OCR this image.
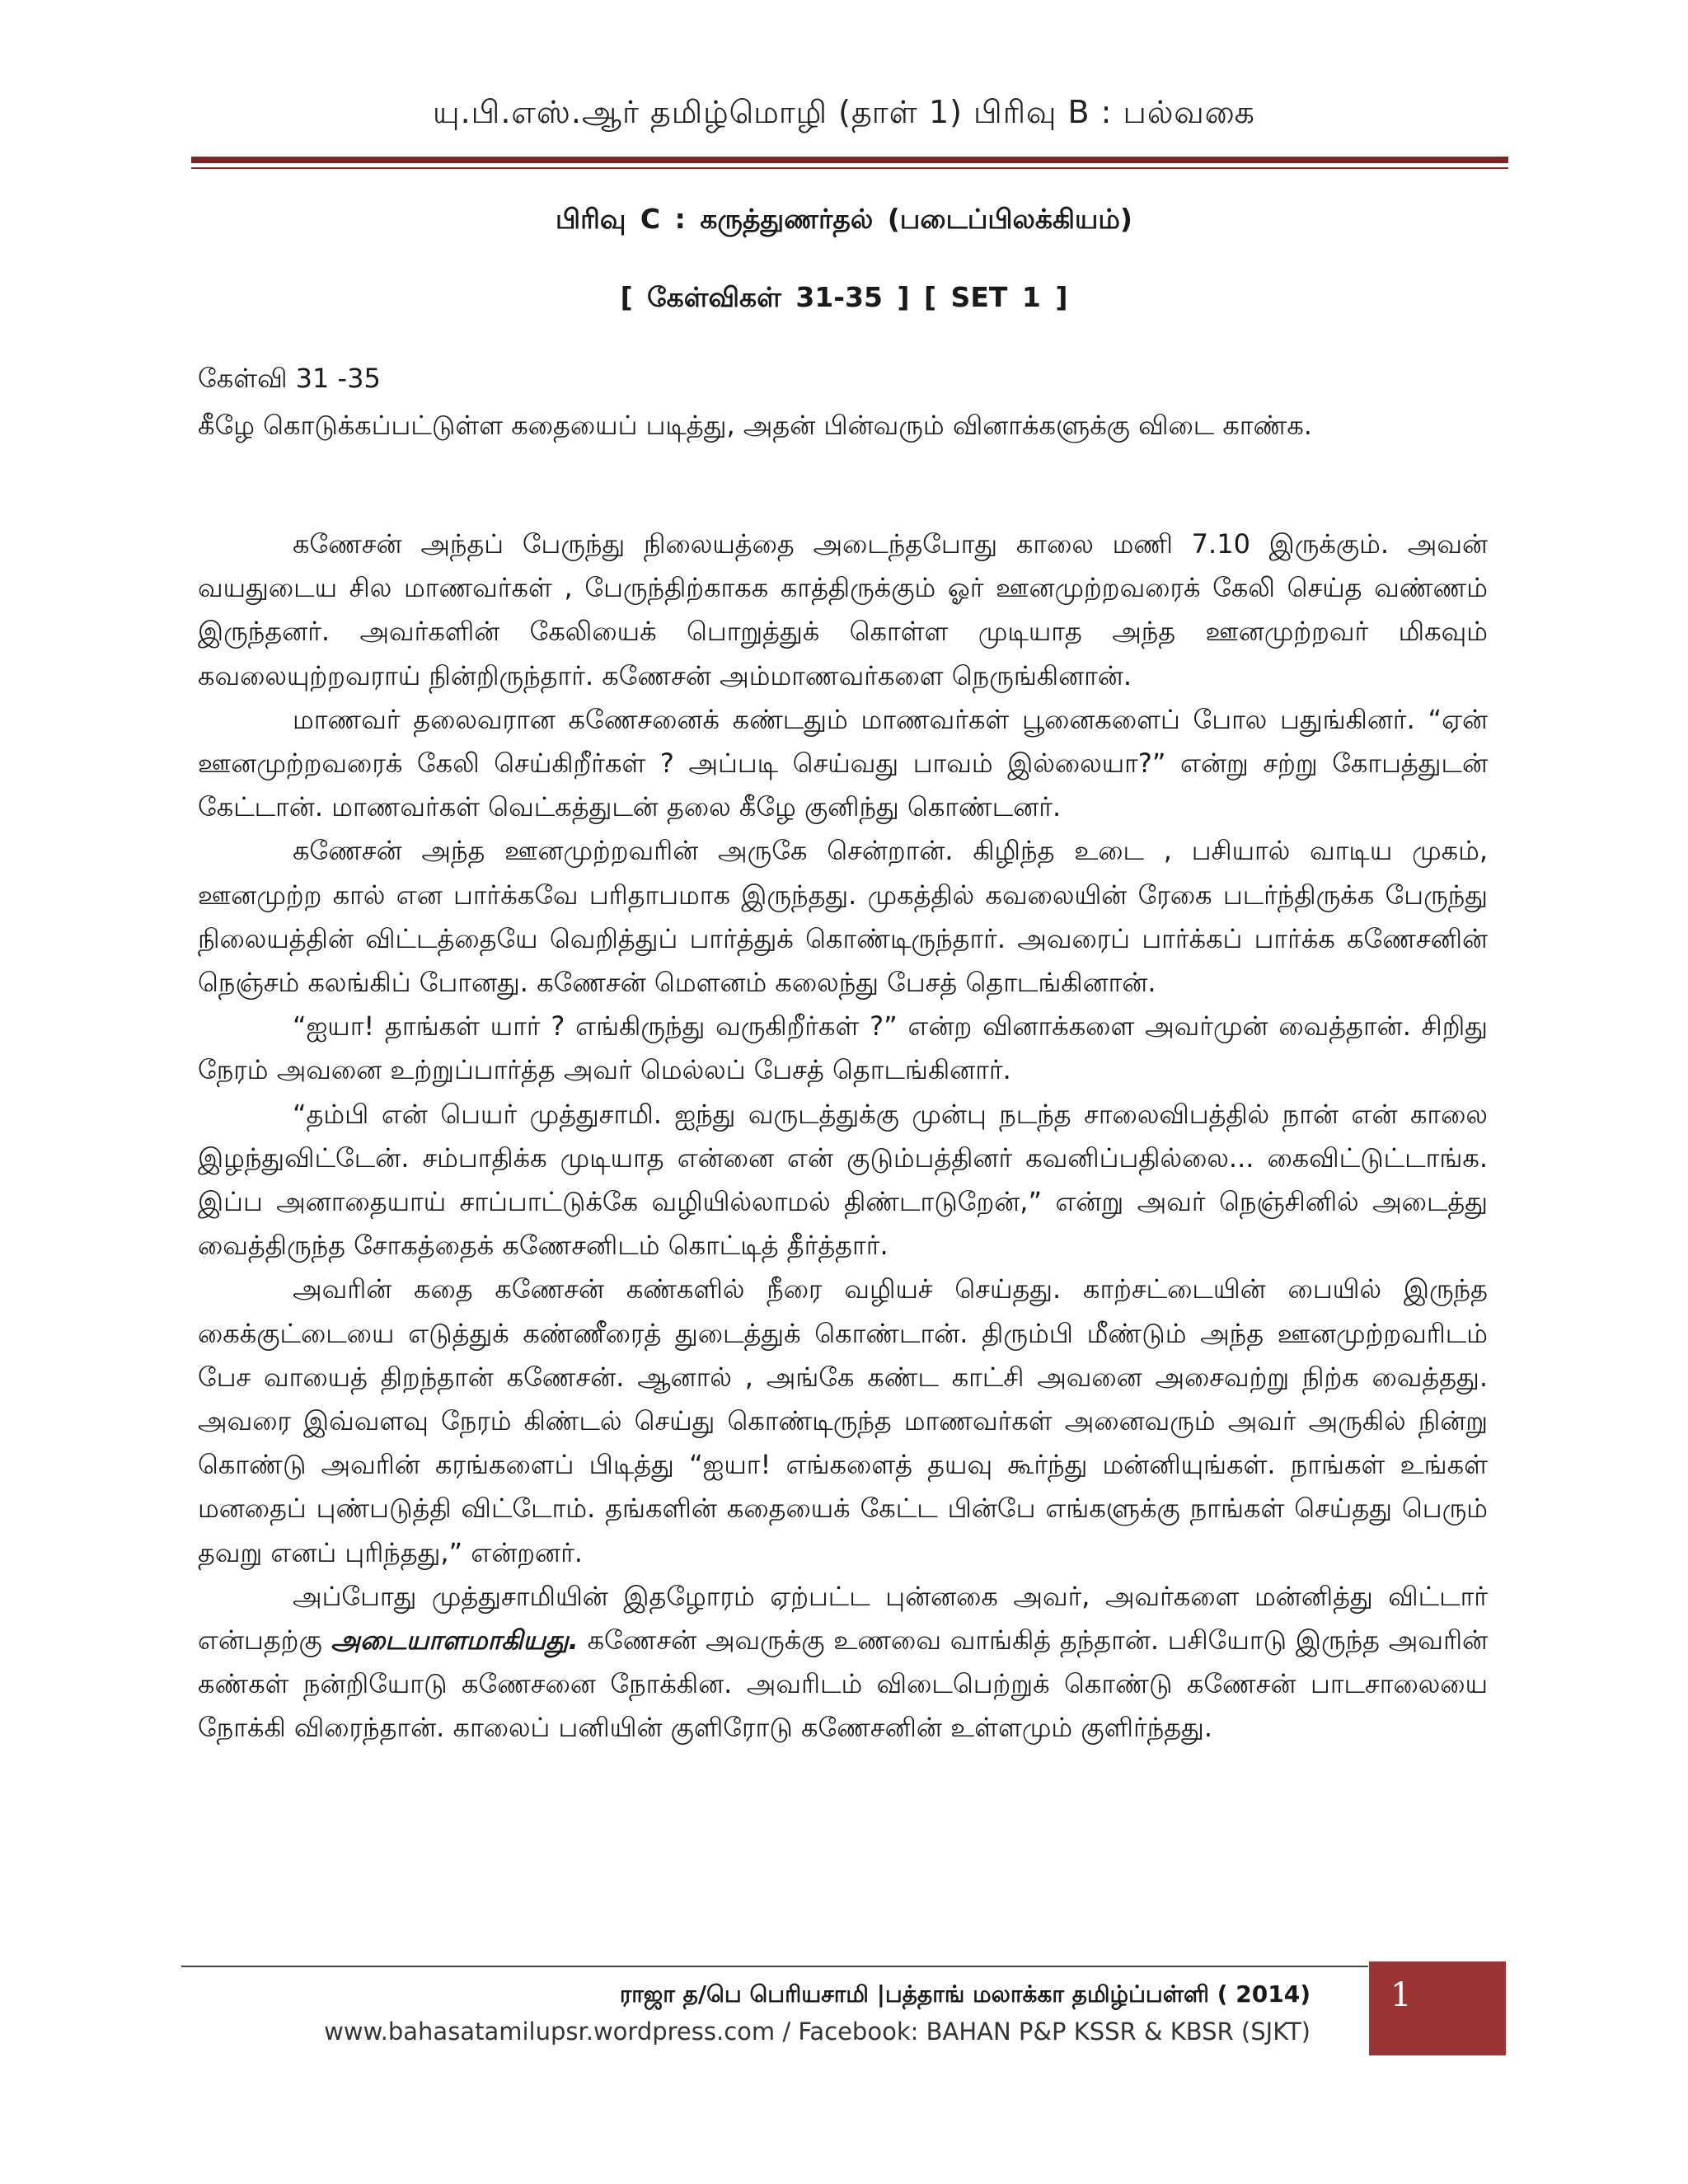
யு.பி.எஸ்.ஆர் தமிழ்மொழி (தாள் 1) பிரிவு B : பல்வகை
பிரிவு C : கருத்துணர்தல் (படைப்பிலக்கியம்)
[ கேள்விகள் 31-35 ] [ SET 1 ]
கேள்வி 31 -35
கீழே கொடுக்கப்பட்டுள்ள கதையைப் படித்து, அதன் பின்வரும் வினாக்களுக்கு விடை காண்க.

கணேசன் அந்தப் பேருந்து நிலையத்தை அடைந்தபோது காலை மணி 7.10 இருக்கும். அவன் வயதுடைய சில மாணவர்கள் , பேருந்திற்காகக காத்திருக்கும் ஓர் ஊனமுற்றவரைக் கேலி செய்த வண்ணம் இருந்தனர். அவர்களின் கேலியைக் பொறுத்துக் கொள்ள முடியாத அந்த ஊனமுற்றவர் மிகவும் கவலையுற்றவராய் நின்றிருந்தார். கணேசன் அம்மாணவர்களை நெருங்கினான்.

மாணவர் தலைவரான கணேசனைக் கண்டதும் மாணவர்கள் பூனைகளைப் போல பதுங்கினர். “ஏன் ஊனமுற்றவரைக் கேலி செய்கிறீர்கள் ? அப்படி செய்வது பாவம் இல்லையா?” என்று சற்று கோபத்துடன் கேட்டான். மாணவர்கள் வெட்கத்துடன் தலை கீழே குனிந்து கொண்டனர்.

கணேசன் அந்த ஊனமுற்றவரின் அருகே சென்றான். கிழிந்த உடை , பசியால் வாடிய முகம், ஊனமுற்ற கால் என பார்க்கவே பரிதாபமாக இருந்தது. முகத்தில் கவலையின் ரேகை படர்ந்திருக்க பேருந்து நிலையத்தின் விட்டத்தையே வெறித்துப் பார்த்துக் கொண்டிருந்தார். அவரைப் பார்க்கப் பார்க்க கணேசனின் நெஞ்சம் கலங்கிப் போனது. கணேசன் மௌனம் கலைந்து பேசத் தொடங்கினான்.

“ஐயா! தாங்கள் யார் ? எங்கிருந்து வருகிறீர்கள் ?” என்ற வினாக்களை அவர்முன் வைத்தான். சிறிது நேரம் அவனை உற்றுப்பார்த்த அவர் மெல்லப் பேசத் தொடங்கினார்.

“தம்பி என் பெயர் முத்துசாமி. ஐந்து வருடத்துக்கு முன்பு நடந்த சாலைவிபத்தில் நான் என் காலை இழந்துவிட்டேன். சம்பாதிக்க முடியாத என்னை என் குடும்பத்தினர் கவனிப்பதில்லை... கைவிட்டுட்டாங்க. இப்ப அனாதையாய் சாப்பாட்டுக்கே வழியில்லாமல் திண்டாடுறேன்,” என்று அவர் நெஞ்சினில் அடைத்து வைத்திருந்த சோகத்தைக் கணேசனிடம் கொட்டித் தீர்த்தார்.

அவரின் கதை கணேசன் கண்களில் நீரை வழியச் செய்தது. காற்சட்டையின் பையில் இருந்த கைக்குட்டையை எடுத்துக் கண்ணீரைத் துடைத்துக் கொண்டான். திரும்பி மீண்டும் அந்த ஊனமுற்றவரிடம் பேச வாயைத் திறந்தான் கணேசன். ஆனால் , அங்கே கண்ட காட்சி அவனை அசைவற்று நிற்க வைத்தது. அவரை இவ்வளவு நேரம் கிண்டல் செய்து கொண்டிருந்த மாணவர்கள் அனைவரும் அவர் அருகில் நின்று கொண்டு அவரின் கரங்களைப் பிடித்து “ஐயா! எங்களைத் தயவு கூர்ந்து மன்னியுங்கள். நாங்கள் உங்கள் மனதைப் புண்படுத்தி விட்டோம். தங்களின் கதையைக் கேட்ட பின்பே எங்களுக்கு நாங்கள் செய்தது பெரும் தவறு எனப் புரிந்தது,” என்றனர்.

அப்போது முத்துசாமியின் இதழோரம் ஏற்பட்ட புன்னகை அவர், அவர்களை மன்னித்து விட்டார் என்பதற்கு அடையாளமாகியது. கணேசன் அவருக்கு உணவை வாங்கித் தந்தான். பசியோடு இருந்த அவரின் கண்கள் நன்றியோடு கணேசனை நோக்கின. அவரிடம் விடைபெற்றுக் கொண்டு கணேசன் பாடசாலையை நோக்கி விரைந்தான். காலைப் பனியின் குளிரோடு கணேசனின் உள்ளமும் குளிர்ந்தது.

ராஜா த/பெ பெரியசாமி |பத்தாங் மலாக்கா தமிழ்ப்பள்ளி ( 2014)
www.bahasatamilupsr.wordpress.com / Facebook: BAHAN P&P KSSR & KBSR (SJKT)
1
